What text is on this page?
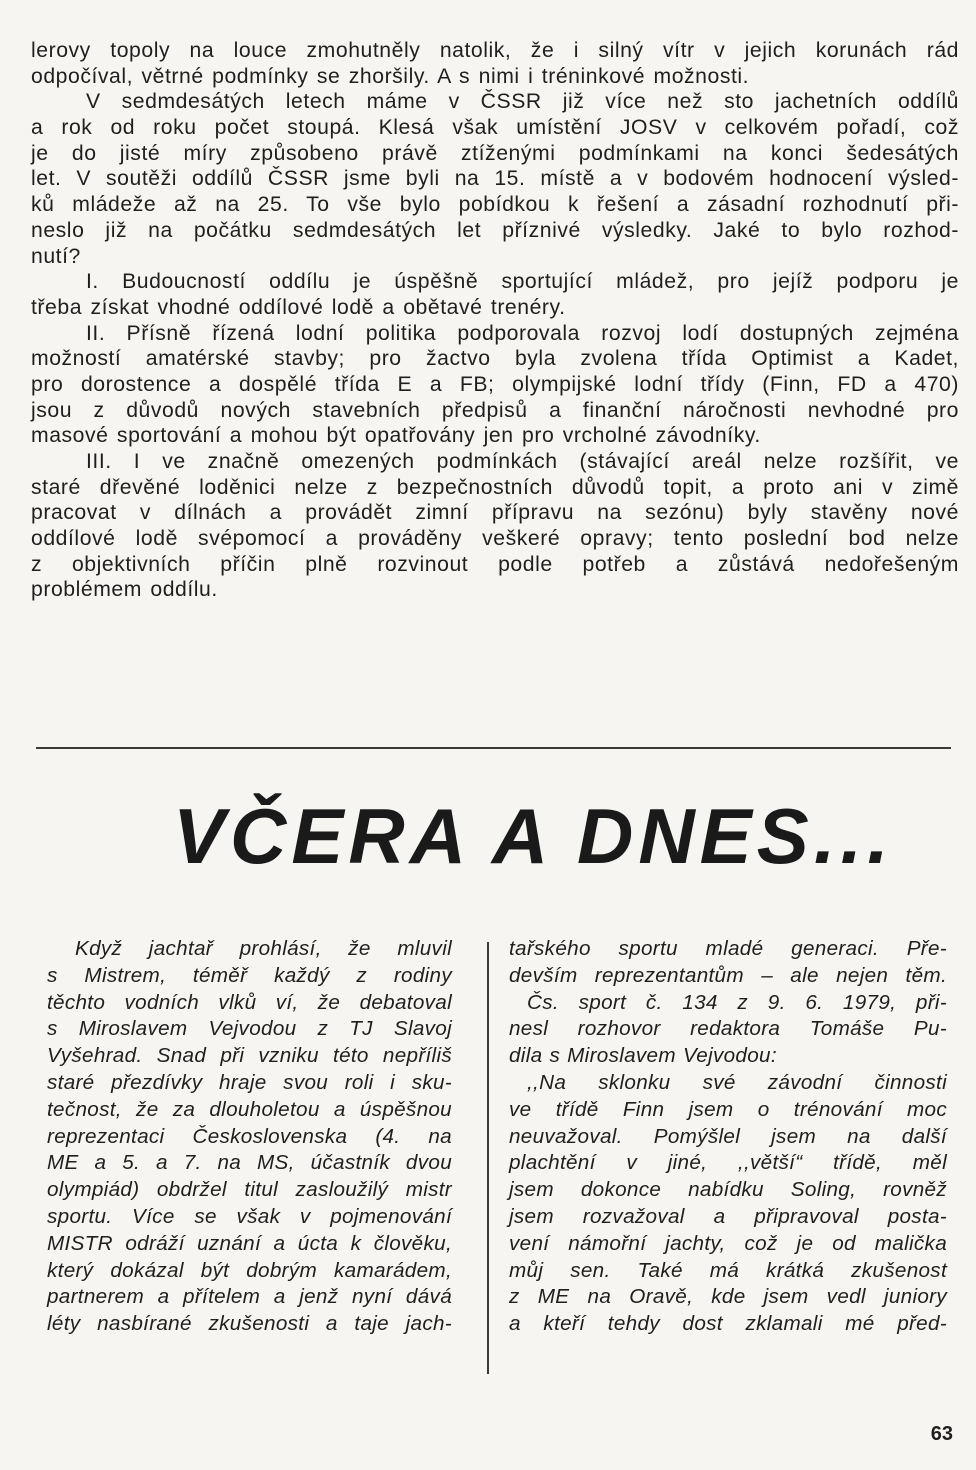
lerovy topoly na louce zmohutněly natolik, že i silný vítr v jejich korunách rád
odpočíval, větrné podmínky se zhoršily. A s nimi i tréninkové možnosti.
V sedmdesátých letech máme v ČSSR již více než sto jachetních oddílů
a rok od roku počet stoupá. Klesá však umístění JOSV v celkovém pořadí, což
je do jisté míry způsobeno právě ztíženými podmínkami na konci šedesátých
let. V soutěži oddílů ČSSR jsme byli na 15. místě a v bodovém hodnocení výsled-
ků mládeže až na 25. To vše bylo pobídkou k řešení a zásadní rozhodnutí při-
neslo již na počátku sedmdesátých let příznivé výsledky. Jaké to bylo rozhod-
nutí?
I. Budoucností oddílu je úspěšně sportující mládež, pro jejíž podporu je
třeba získat vhodné oddílové lodě a obětavé trenéry.
II. Přísně řízená lodní politika podporovala rozvoj lodí dostupných zejména
možností amatérské stavby; pro žactvo byla zvolena třída Optimist a Kadet,
pro dorostence a dospělé třída E a FB; olympijské lodní třídy (Finn, FD a 470)
jsou z důvodů nových stavebních předpisů a finanční náročnosti nevhodné pro
masové sportování a mohou být opatřovány jen pro vrcholné závodníky.
III. I ve značně omezených podmínkách (stávající areál nelze rozšířit, ve
staré dřevěné loděnici nelze z bezpečnostních důvodů topit, a proto ani v zimě
pracovat v dílnách a provádět zimní přípravu na sezónu) byly stavěny nové
oddílové lodě svépomocí a prováděny veškeré opravy; tento poslední bod nelze
z objektivních příčin plně rozvinout podle potřeb a zůstává nedořešeným
problémem oddílu.
VČERA A DNES...
Když jachtař prohlásí, že mluvil
s Mistrem, téměř každý z rodiny
těchto vodních vlků ví, že debatoval
s Miroslavem Vejvodou z TJ Slavoj
Vyšehrad. Snad při vzniku této nepříliš
staré přezdívky hraje svou roli i sku-
tečnost, že za dlouholetou a úspěšnou
reprezentaci Československa (4. na
ME a 5. a 7. na MS, účastník dvou
olympiád) obdržel titul zasloužilý mistr
sportu. Více se však v pojmenování
MISTR odráží uznání a úcta k člověku,
který dokázal být dobrým kamarádem,
partnerem a přítelem a jenž nyní dává
léty nasbírané zkušenosti a taje jach-
tařského sportu mladé generaci. Pře-
devším reprezentantům – ale nejen těm.
Čs. sport č. 134 z 9. 6. 1979, při-
nesl rozhovor redaktora Tomáše Pu-
dila s Miroslavem Vejvodou:
,,Na sklonku své závodní činnosti
ve třídě Finn jsem o trénování moc
neuvažoval. Pomýšlel jsem na další
plachtění v jiné, ,,větší“ třídě, měl
jsem dokonce nabídku Soling, rovněž
jsem rozvažoval a připravoval posta-
vení námořní jachty, což je od malička
můj sen. Také má krátká zkušenost
z ME na Oravě, kde jsem vedl juniory
a kteří tehdy dost zklamali mé před-
63
